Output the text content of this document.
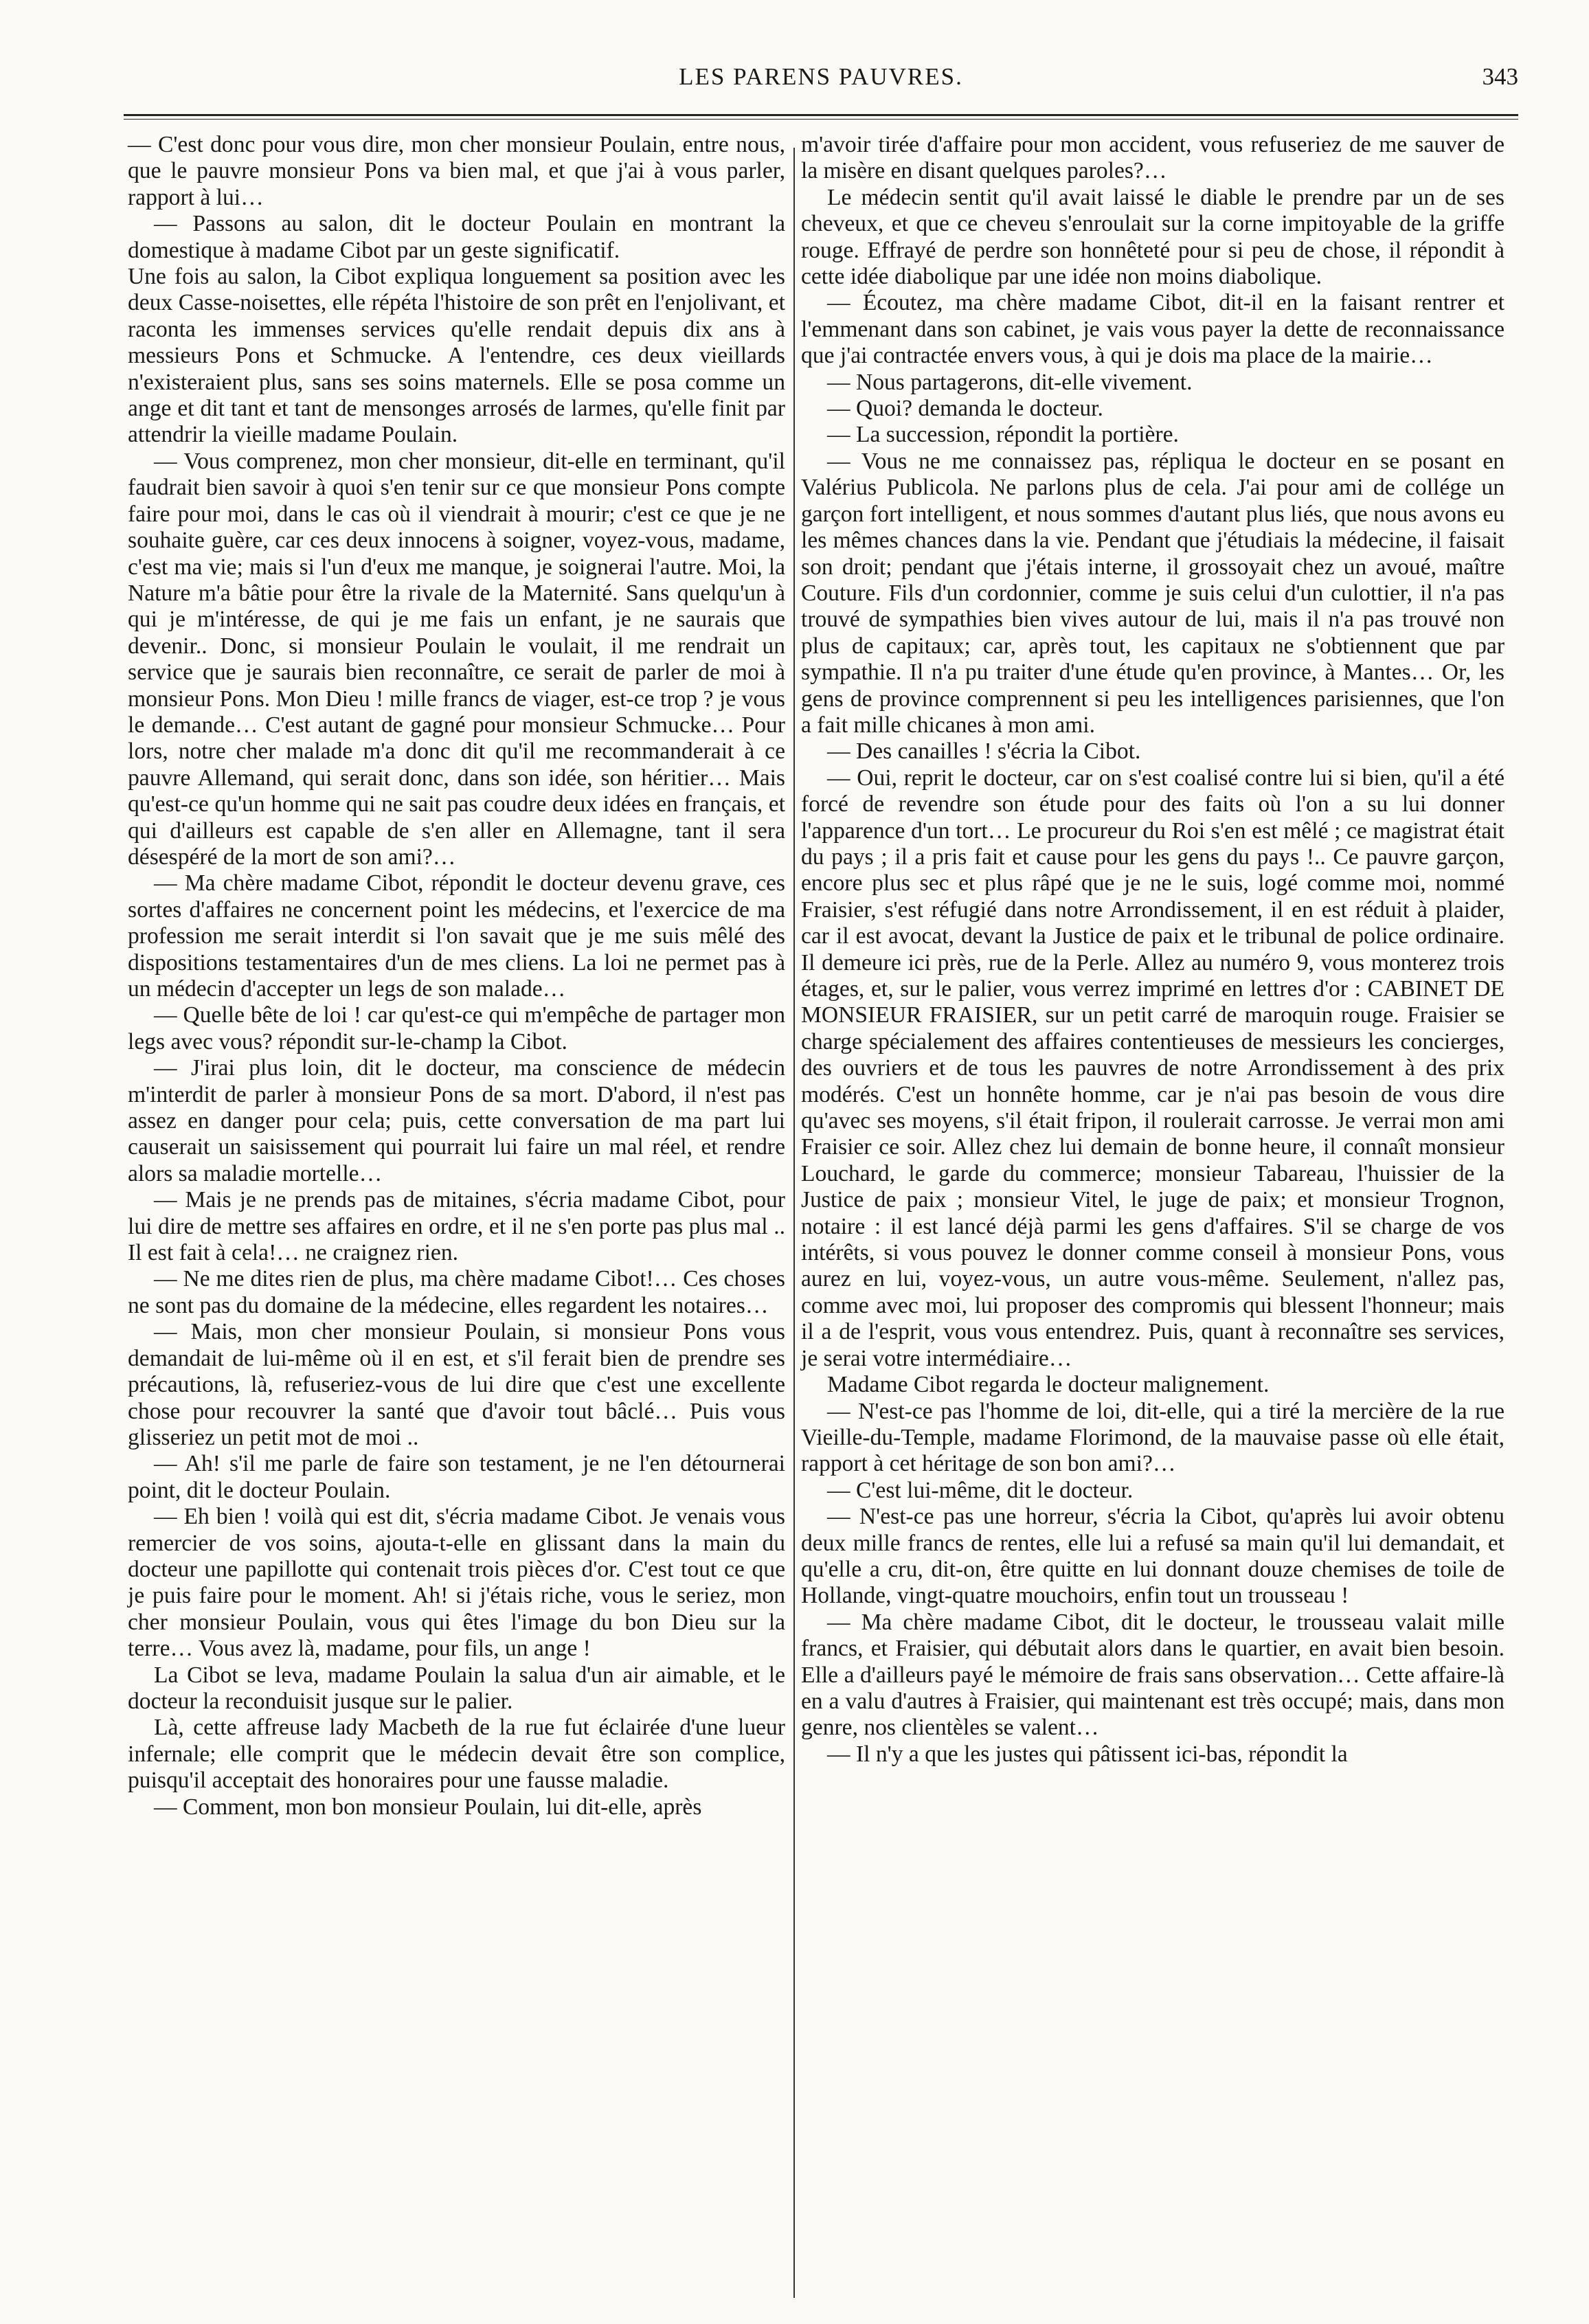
LES PARENS PAUVRES.	343

— C'est donc pour vous dire, mon cher monsieur Poulain, entre nous, que le pauvre monsieur Pons va bien mal, et que j'ai à vous parler, rapport à lui…

— Passons au salon, dit le docteur Poulain en montrant la domestique à madame Cibot par un geste significatif.

Une fois au salon, la Cibot expliqua longuement sa position avec les deux Casse-noisettes, elle répéta l'histoire de son prêt en l'enjolivant, et raconta les immenses services qu'elle rendait depuis dix ans à messieurs Pons et Schmucke. A l'entendre, ces deux vieillards n'existeraient plus, sans ses soins maternels. Elle se posa comme un ange et dit tant et tant de mensonges arrosés de larmes, qu'elle finit par attendrir la vieille madame Poulain.

— Vous comprenez, mon cher monsieur, dit-elle en terminant, qu'il faudrait bien savoir à quoi s'en tenir sur ce que monsieur Pons compte faire pour moi, dans le cas où il viendrait à mourir; c'est ce que je ne souhaite guère, car ces deux innocens à soigner, voyez-vous, madame, c'est ma vie; mais si l'un d'eux me manque, je soignerai l'autre. Moi, la Nature m'a bâtie pour être la rivale de la Maternité. Sans quelqu'un à qui je m'intéresse, de qui je me fais un enfant, je ne saurais que devenir.. Donc, si monsieur Poulain le voulait, il me rendrait un service que je saurais bien reconnaître, ce serait de parler de moi à monsieur Pons. Mon Dieu ! mille francs de viager, est-ce trop ? je vous le demande… C'est autant de gagné pour monsieur Schmucke… Pour lors, notre cher malade m'a donc dit qu'il me recommanderait à ce pauvre Allemand, qui serait donc, dans son idée, son héritier… Mais qu'est-ce qu'un homme qui ne sait pas coudre deux idées en français, et qui d'ailleurs est capable de s'en aller en Allemagne, tant il sera désespéré de la mort de son ami?…

— Ma chère madame Cibot, répondit le docteur devenu grave, ces sortes d'affaires ne concernent point les médecins, et l'exercice de ma profession me serait interdit si l'on savait que je me suis mêlé des dispositions testamentaires d'un de mes cliens. La loi ne permet pas à un médecin d'accepter un legs de son malade…

— Quelle bête de loi ! car qu'est-ce qui m'empêche de partager mon legs avec vous? répondit sur-le-champ la Cibot.

— J'irai plus loin, dit le docteur, ma conscience de médecin m'interdit de parler à monsieur Pons de sa mort. D'abord, il n'est pas assez en danger pour cela; puis, cette conversation de ma part lui causerait un saisissement qui pourrait lui faire un mal réel, et rendre alors sa maladie mortelle…

— Mais je ne prends pas de mitaines, s'écria madame Cibot, pour lui dire de mettre ses affaires en ordre, et il ne s'en porte pas plus mal .. Il est fait à cela!… ne craignez rien.

— Ne me dites rien de plus, ma chère madame Cibot!… Ces choses ne sont pas du domaine de la médecine, elles regardent les notaires…

— Mais, mon cher monsieur Poulain, si monsieur Pons vous demandait de lui-même où il en est, et s'il ferait bien de prendre ses précautions, là, refuseriez-vous de lui dire que c'est une excellente chose pour recouvrer la santé que d'avoir tout bâclé… Puis vous glisseriez un petit mot de moi ..

— Ah! s'il me parle de faire son testament, je ne l'en détournerai point, dit le docteur Poulain.

— Eh bien ! voilà qui est dit, s'écria madame Cibot. Je venais vous remercier de vos soins, ajouta-t-elle en glissant dans la main du docteur une papillotte qui contenait trois pièces d'or. C'est tout ce que je puis faire pour le moment. Ah! si j'étais riche, vous le seriez, mon cher monsieur Poulain, vous qui êtes l'image du bon Dieu sur la terre… Vous avez là, madame, pour fils, un ange !

La Cibot se leva, madame Poulain la salua d'un air aimable, et le docteur la reconduisit jusque sur le palier.

Là, cette affreuse lady Macbeth de la rue fut éclairée d'une lueur infernale; elle comprit que le médecin devait être son complice, puisqu'il acceptait des honoraires pour une fausse maladie.

— Comment, mon bon monsieur Poulain, lui dit-elle, après

m'avoir tirée d'affaire pour mon accident, vous refuseriez de me sauver de la misère en disant quelques paroles?…

Le médecin sentit qu'il avait laissé le diable le prendre par un de ses cheveux, et que ce cheveu s'enroulait sur la corne impitoyable de la griffe rouge. Effrayé de perdre son honnêteté pour si peu de chose, il répondit à cette idée diabolique par une idée non moins diabolique.

— Écoutez, ma chère madame Cibot, dit-il en la faisant rentrer et l'emmenant dans son cabinet, je vais vous payer la dette de reconnaissance que j'ai contractée envers vous, à qui je dois ma place de la mairie…

— Nous partagerons, dit-elle vivement.

— Quoi? demanda le docteur.

— La succession, répondit la portière.

— Vous ne me connaissez pas, répliqua le docteur en se posant en Valérius Publicola. Ne parlons plus de cela. J'ai pour ami de collége un garçon fort intelligent, et nous sommes d'autant plus liés, que nous avons eu les mêmes chances dans la vie. Pendant que j'étudiais la médecine, il faisait son droit; pendant que j'étais interne, il grossoyait chez un avoué, maître Couture. Fils d'un cordonnier, comme je suis celui d'un culottier, il n'a pas trouvé de sympathies bien vives autour de lui, mais il n'a pas trouvé non plus de capitaux; car, après tout, les capitaux ne s'obtiennent que par sympathie. Il n'a pu traiter d'une étude qu'en province, à Mantes… Or, les gens de province comprennent si peu les intelligences parisiennes, que l'on a fait mille chicanes à mon ami.

— Des canailles ! s'écria la Cibot.

— Oui, reprit le docteur, car on s'est coalisé contre lui si bien, qu'il a été forcé de revendre son étude pour des faits où l'on a su lui donner l'apparence d'un tort… Le procureur du Roi s'en est mêlé ; ce magistrat était du pays ; il a pris fait et cause pour les gens du pays !.. Ce pauvre garçon, encore plus sec et plus râpé que je ne le suis, logé comme moi, nommé Fraisier, s'est réfugié dans notre Arrondissement, il en est réduit à plaider, car il est avocat, devant la Justice de paix et le tribunal de police ordinaire. Il demeure ici près, rue de la Perle. Allez au numéro 9, vous monterez trois étages, et, sur le palier, vous verrez imprimé en lettres d'or : CABINET DE MONSIEUR FRAISIER, sur un petit carré de maroquin rouge. Fraisier se charge spécialement des affaires contentieuses de messieurs les concierges, des ouvriers et de tous les pauvres de notre Arrondissement à des prix modérés. C'est un honnête homme, car je n'ai pas besoin de vous dire qu'avec ses moyens, s'il était fripon, il roulerait carrosse. Je verrai mon ami Fraisier ce soir. Allez chez lui demain de bonne heure, il connaît monsieur Louchard, le garde du commerce; monsieur Tabareau, l'huissier de la Justice de paix ; monsieur Vitel, le juge de paix; et monsieur Trognon, notaire : il est lancé déjà parmi les gens d'affaires. S'il se charge de vos intérêts, si vous pouvez le donner comme conseil à monsieur Pons, vous aurez en lui, voyez-vous, un autre vous-même. Seulement, n'allez pas, comme avec moi, lui proposer des compromis qui blessent l'honneur; mais il a de l'esprit, vous vous entendrez. Puis, quant à reconnaître ses services, je serai votre intermédiaire…

Madame Cibot regarda le docteur malignement.

— N'est-ce pas l'homme de loi, dit-elle, qui a tiré la mercière de la rue Vieille-du-Temple, madame Florimond, de la mauvaise passe où elle était, rapport à cet héritage de son bon ami?…

— C'est lui-même, dit le docteur.

— N'est-ce pas une horreur, s'écria la Cibot, qu'après lui avoir obtenu deux mille francs de rentes, elle lui a refusé sa main qu'il lui demandait, et qu'elle a cru, dit-on, être quitte en lui donnant douze chemises de toile de Hollande, vingt-quatre mouchoirs, enfin tout un trousseau !

— Ma chère madame Cibot, dit le docteur, le trousseau valait mille francs, et Fraisier, qui débutait alors dans le quartier, en avait bien besoin. Elle a d'ailleurs payé le mémoire de frais sans observation… Cette affaire-là en a valu d'autres à Fraisier, qui maintenant est très occupé; mais, dans mon genre, nos clientèles se valent…

— Il n'y a que les justes qui pâtissent ici-bas, répondit la
